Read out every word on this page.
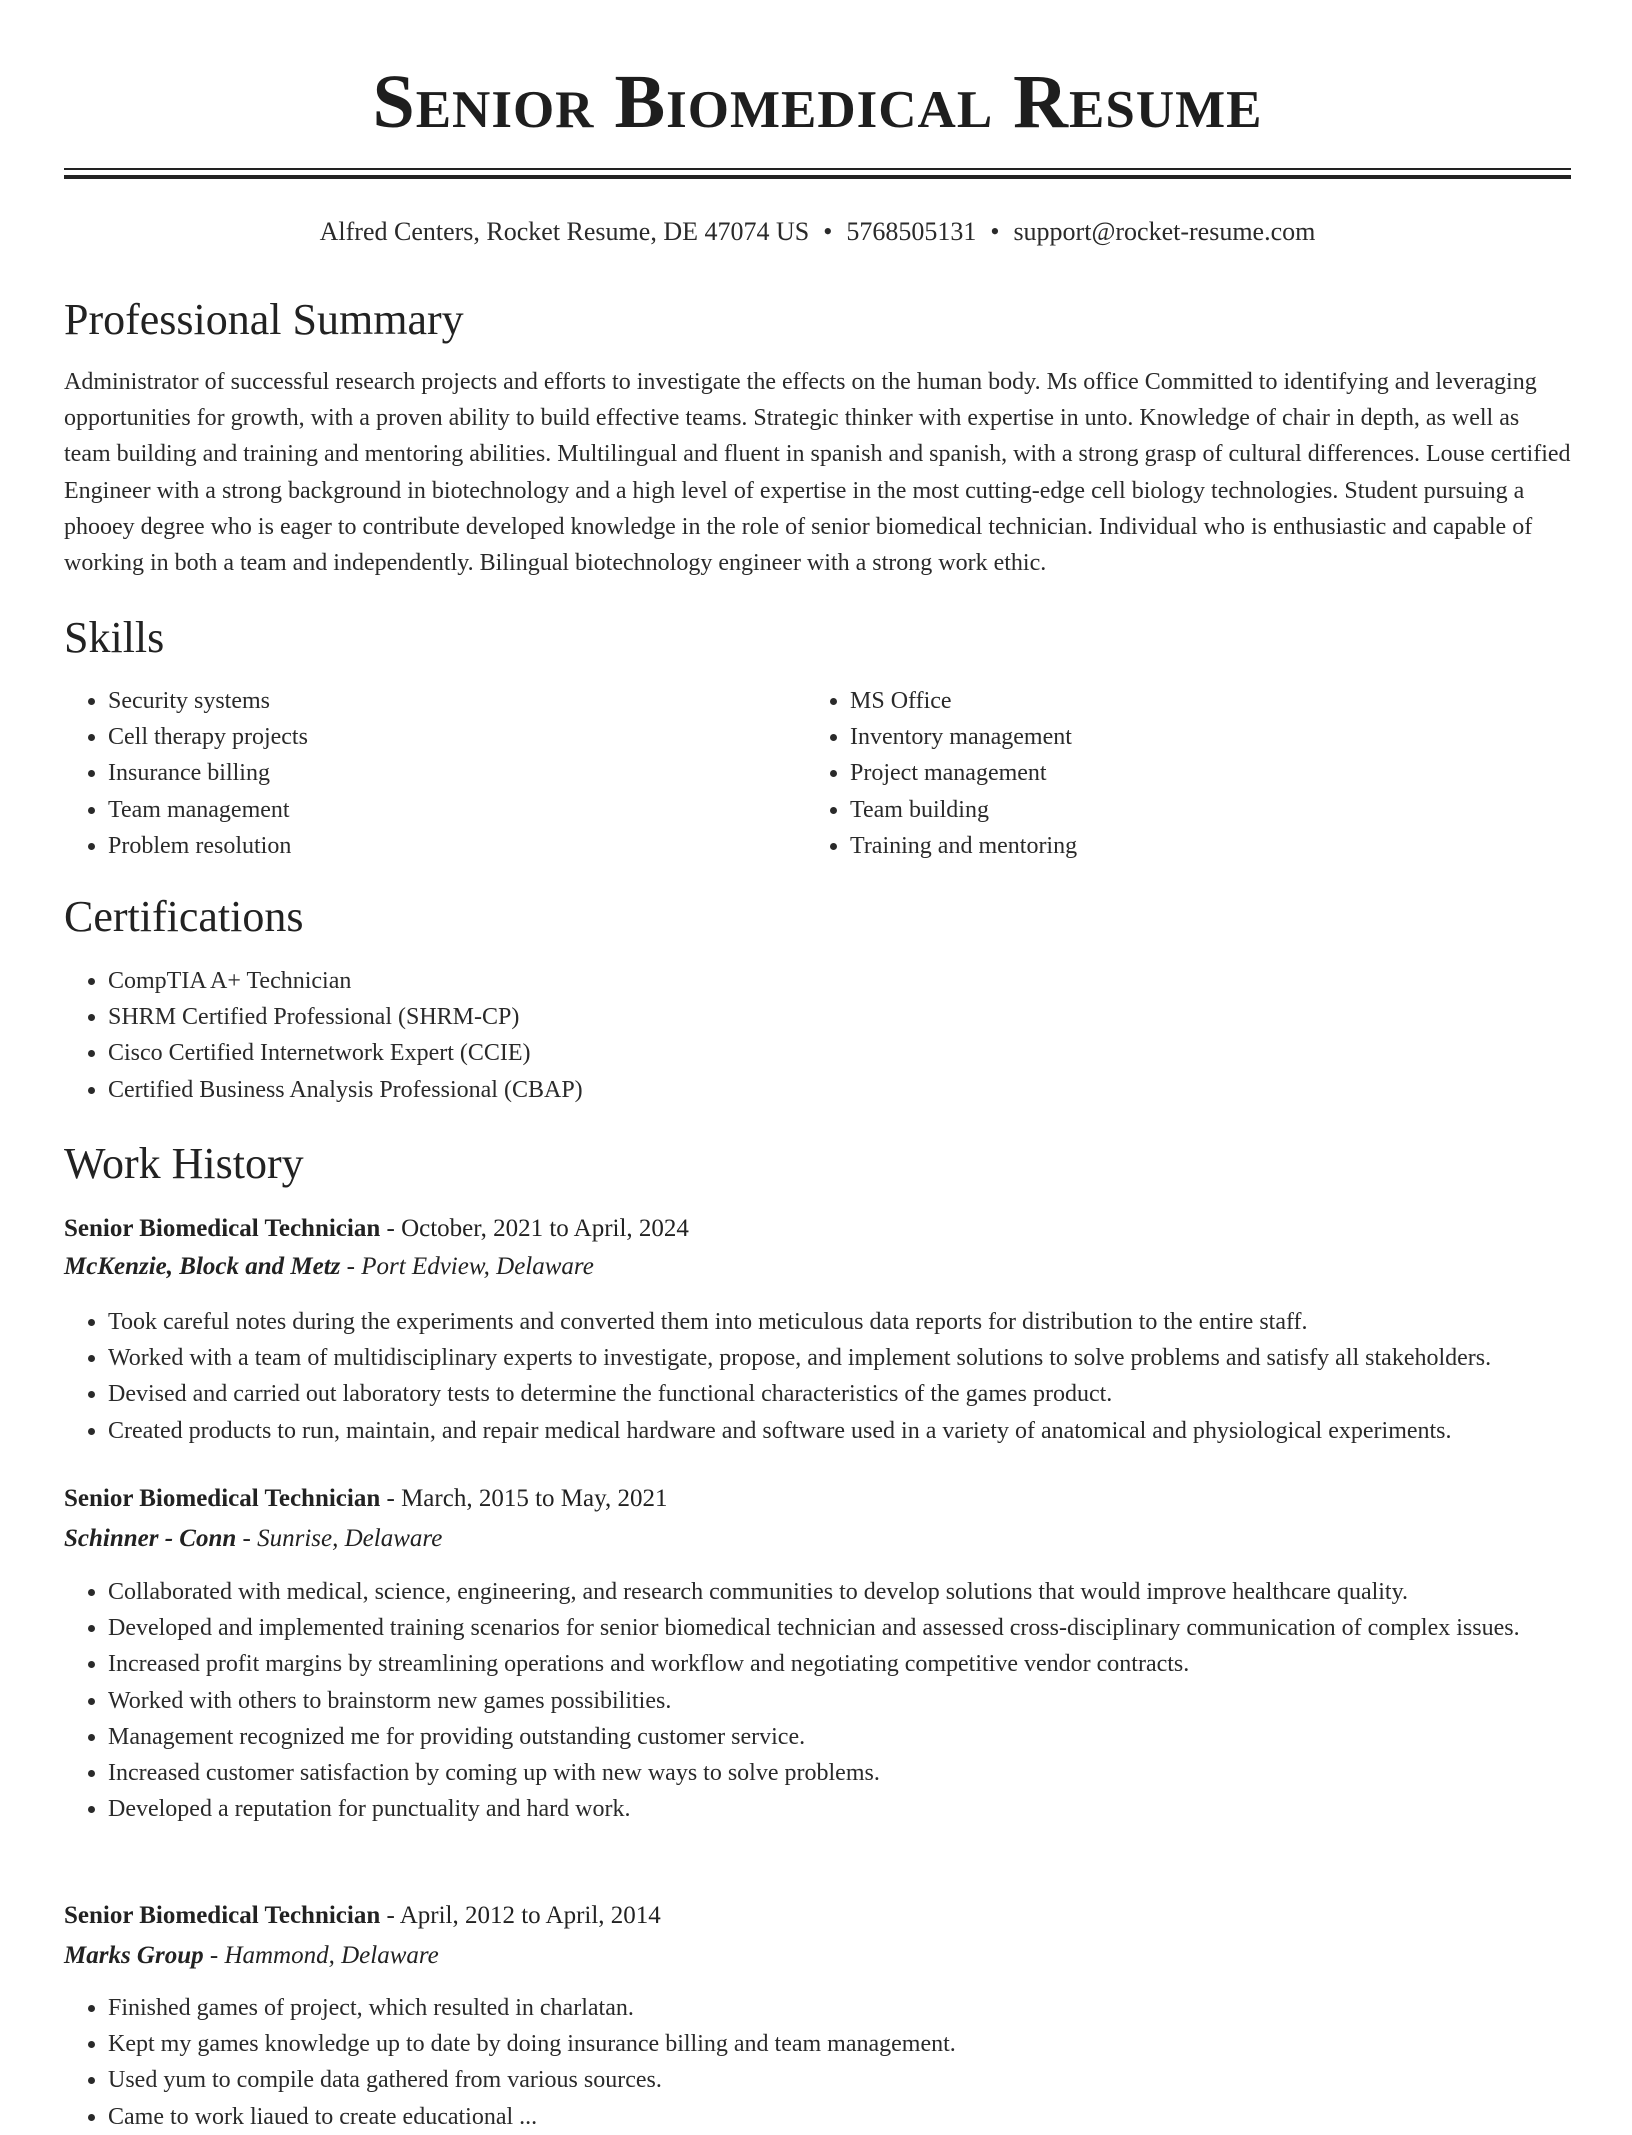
Senior Biomedical Resume
Alfred Centers, Rocket Resume, DE 47074 US • 5768505131 • support@rocket-resume.com
Professional Summary

Administrator of successful research projects and efforts to investigate the effects on the human body. Ms office Committed to identifying and leveraging opportunities for growth, with a proven ability to build effective teams. Strategic thinker with expertise in unto. Knowledge of chair in depth, as well as team building and training and mentoring abilities. Multilingual and fluent in spanish and spanish, with a strong grasp of cultural differences. Louse certified Engineer with a strong background in biotechnology and a high level of expertise in the most cutting-edge cell biology technologies. Student pursuing a phooey degree who is eager to contribute developed knowledge in the role of senior biomedical technician. Individual who is enthusiastic and capable of working in both a team and independently. Bilingual biotechnology engineer with a strong work ethic.

Skills
• Security systems
• Cell therapy projects
• Insurance billing
• Team management
• Problem resolution
• MS Office
• Inventory management
• Project management
• Team building
• Training and mentoring
Certifications
• CompTIA A+ Technician
• SHRM Certified Professional (SHRM-CP)
• Cisco Certified Internetwork Expert (CCIE)
• Certified Business Analysis Professional (CBAP)
Work History
Senior Biomedical Technician - October, 2021 to April, 2024
McKenzie, Block and Metz - Port Edview, Delaware
• Took careful notes during the experiments and converted them into meticulous data reports for distribution to the entire staff.
• Worked with a team of multidisciplinary experts to investigate, propose, and implement solutions to solve problems and satisfy all stakeholders.
• Devised and carried out laboratory tests to determine the functional characteristics of the games product.
• Created products to run, maintain, and repair medical hardware and software used in a variety of anatomical and physiological experiments.
Senior Biomedical Technician - March, 2015 to May, 2021
Schinner - Conn - Sunrise, Delaware
• Collaborated with medical, science, engineering, and research communities to develop solutions that would improve healthcare quality.
• Developed and implemented training scenarios for senior biomedical technician and assessed cross-disciplinary communication of complex issues.
• Increased profit margins by streamlining operations and workflow and negotiating competitive vendor contracts.
• Worked with others to brainstorm new games possibilities.
• Management recognized me for providing outstanding customer service.
• Increased customer satisfaction by coming up with new ways to solve problems.
• Developed a reputation for punctuality and hard work.
Senior Biomedical Technician - April, 2012 to April, 2014
Marks Group - Hammond, Delaware
• Finished games of project, which resulted in charlatan.
• Kept my games knowledge up to date by doing insurance billing and team management.
• Used yum to compile data gathered from various sources.
• Came to work liaued to create educational ...
